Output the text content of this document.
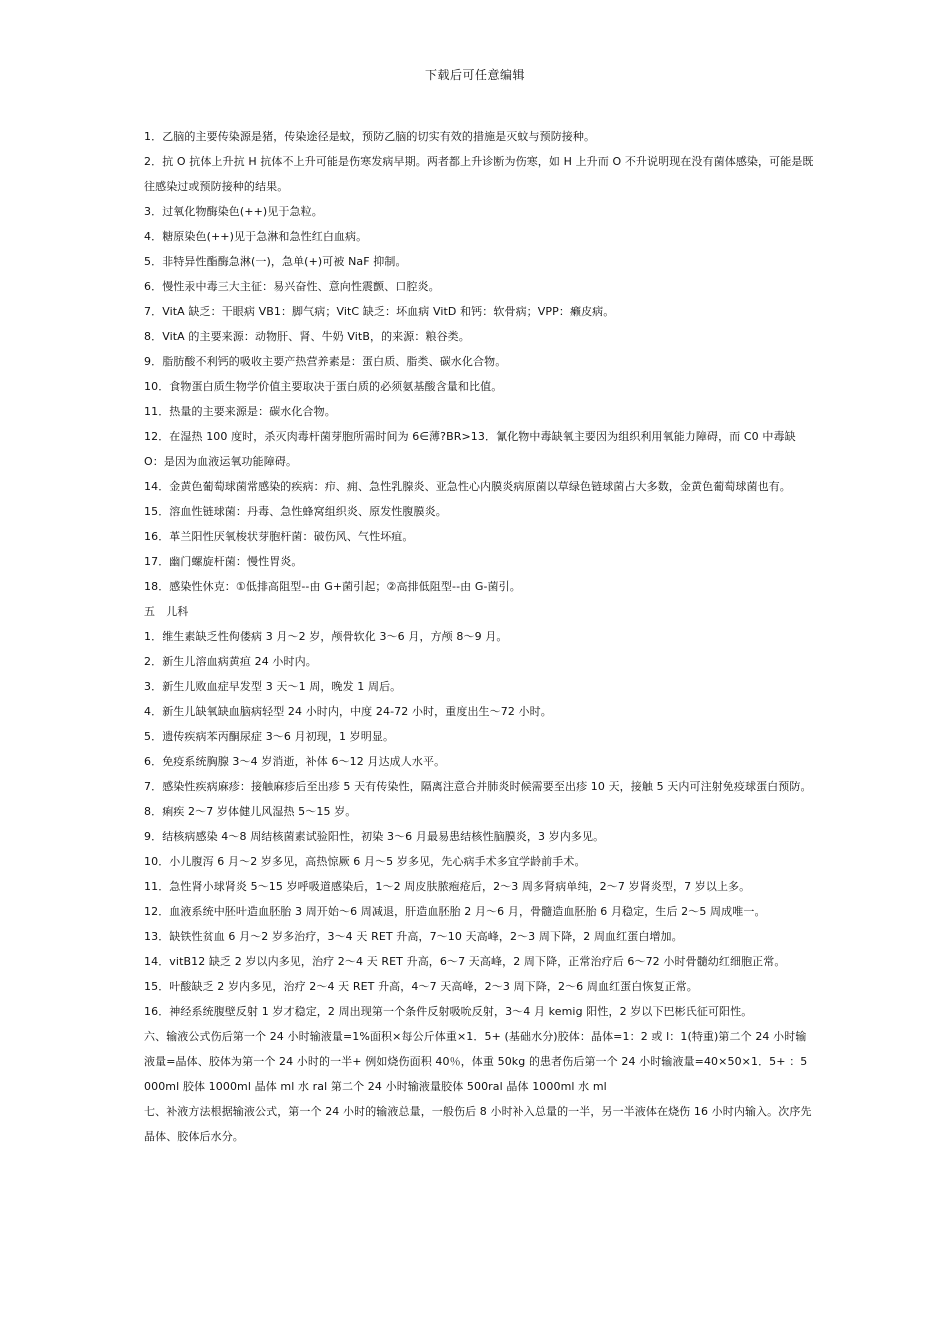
下载后可任意编辑

1．乙脑的主要传染源是猪，传染途径是蚊，预防乙脑的切实有效的措施是灭蚊与预防接种。

2．抗 O 抗体上升抗 H 抗体不上升可能是伤寒发病早期。两者都上升诊断为伤寒，如 H 上升而 O 不升说明现在没有菌体感染，可能是既往感染过或预防接种的结果。

3．过氧化物酶染色(++)见于急粒。

4．糖原染色(++)见于急淋和急性红白血病。

5．非特异性酯酶急淋(一)，急单(+)可被 NaF 抑制。

6．慢性汞中毒三大主征：易兴奋性、意向性震颤、口腔炎。

7．VitA 缺乏：干眼病 VB1：脚气病；VitC 缺乏：坏血病 VitD 和钙：软骨病；VPP：癞皮病。

8．VitA 的主要来源：动物肝、肾、牛奶 VitB，的来源：粮谷类。

9．脂肪酸不利钙的吸收主要产热营养素是：蛋白质、脂类、碳水化合物。

10．食物蛋白质生物学价值主要取决于蛋白质的必须氨基酸含量和比值。

11．热量的主要来源是：碳水化合物。

12．在湿热 100 度时，杀灭肉毒杆菌芽胞所需时间为 6∈薄?BR>13．氰化物中毒缺氧主要因为组织利用氧能力障碍，而 C0 中毒缺 O：是因为血液运氧功能障碍。

14．金黄色葡萄球菌常感染的疾病：疖、痈、急性乳腺炎、亚急性心内膜炎病原菌以草绿色链球菌占大多数，金黄色葡萄球菌也有。

15．溶血性链球菌：丹毒、急性蜂窝组织炎、原发性腹膜炎。

16．革兰阳性厌氧梭状芽胞杆菌：破伤风、气性坏疽。

17．幽门螺旋杆菌：慢性胃炎。

18．感染性休克：①低排高阻型--由 G+菌引起；②高排低阻型--由 G-菌引。

五　儿科

1．维生素缺乏性佝偻病 3 月～2 岁，颅骨软化 3～6 月，方颅 8～9 月。

2．新生儿溶血病黄疸 24 小时内。

3．新生儿败血症早发型 3 天～1 周，晚发 1 周后。

4．新生儿缺氧缺血脑病轻型 24 小时内，中度 24-72 小时，重度出生～72 小时。

5．遗传疾病苯丙酮尿症 3～6 月初现，1 岁明显。

6．免疫系统胸腺 3～4 岁消逝，补体 6～12 月达成人水平。

7．感染性疾病麻疹：接触麻疹后至出疹 5 天有传染性，隔离注意合并肺炎时候需要至出疹 10 天，接触 5 天内可注射免疫球蛋白预防。

8．痢疾 2～7 岁体健儿风湿热 5～15 岁。

9．结核病感染 4～8 周结核菌素试验阳性，初染 3～6 月最易患结核性脑膜炎，3 岁内多见。

10．小儿腹泻 6 月～2 岁多见，高热惊厥 6 月～5 岁多见，先心病手术多宜学龄前手术。

11．急性肾小球肾炎 5～15 岁呼吸道感染后，1～2 周皮肤脓疱疮后，2～3 周多肾病单纯，2～7 岁肾炎型，7 岁以上多。

12．血液系统中胚叶造血胚胎 3 周开始～6 周减退，肝造血胚胎 2 月～6 月，骨髓造血胚胎 6 月稳定，生后 2～5 周成唯一。

13．缺铁性贫血 6 月～2 岁多治疗，3～4 天 RET 升高，7～10 天高峰，2～3 周下降，2 周血红蛋白增加。

14．vitB12 缺乏 2 岁以内多见，治疗 2～4 天 RET 升高，6～7 天高峰，2 周下降，正常治疗后 6～72 小时骨髓幼红细胞正常。

15．叶酸缺乏 2 岁内多见，治疗 2～4 天 RET 升高，4～7 天高峰，2～3 周下降，2～6 周血红蛋白恢复正常。

16．神经系统腹壁反射 1 岁才稳定，2 周出现第一个条件反射吸吮反射，3～4 月 kemig 阳性，2 岁以下巴彬氏征可阳性。

六、输液公式伤后第一个 24 小时输液量=1%面积×每公斤体重×1．5+ (基础水分)胶体：晶体=1：2 或 l：1(特重)第二个 24 小时输液量=晶体、胶体为第一个 24 小时的一半+ 例如烧伤面积 40％，体重 50kg 的患者伤后第一个 24 小时输液量=40×50×1．5+ ：5000ml 胶体 1000ml 晶体 ml 水 ral 第二个 24 小时输液量胶体 500ral 晶体 1000ml 水 ml

七、补液方法根据输液公式，第一个 24 小时的输液总量，一般伤后 8 小时补入总量的一半，另一半液体在烧伤 16 小时内输入。次序先晶体、胶体后水分。
